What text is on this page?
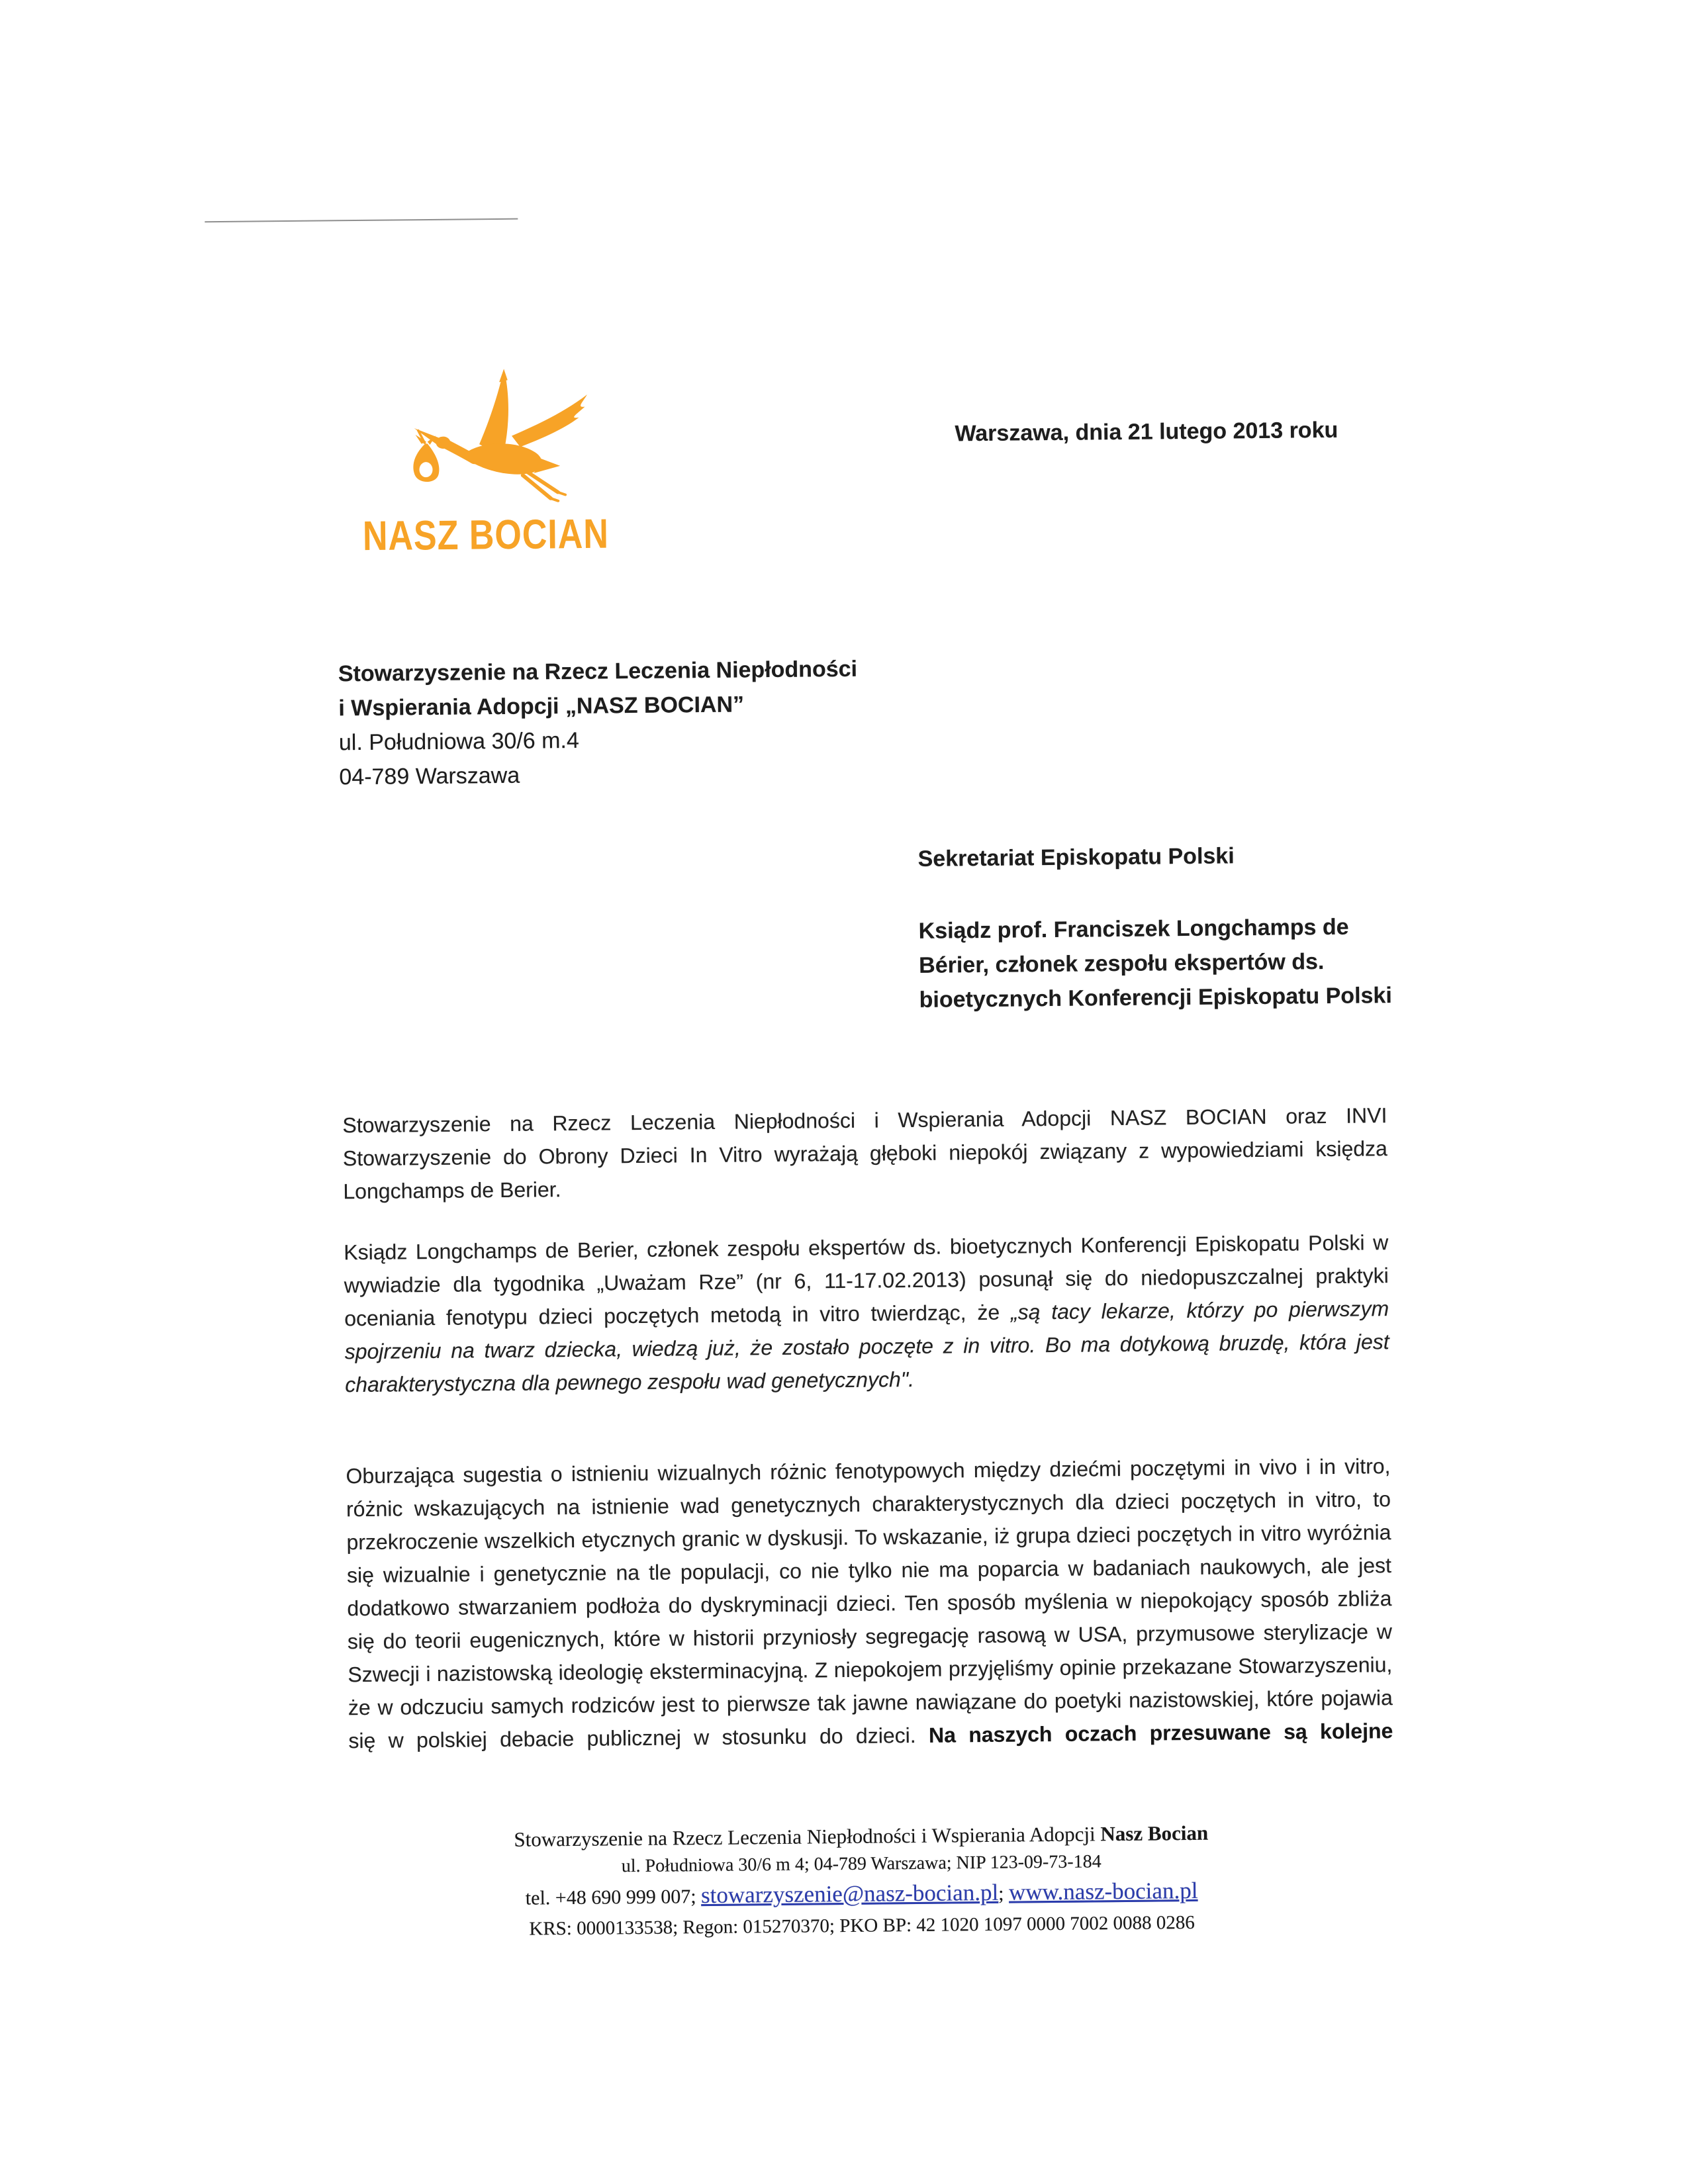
NASZ BOCIAN
Warszawa, dnia 21 lutego 2013 roku
Stowarzyszenie na Rzecz Leczenia Niepłodności
i Wspierania Adopcji „NASZ BOCIAN”
ul. Południowa 30/6 m.4
04-789 Warszawa
Sekretariat Episkopatu Polski
Ksiądz prof. Franciszek Longchamps de
Bérier, członek zespołu ekspertów ds.
bioetycznych Konferencji Episkopatu Polski
Stowarzyszenie na Rzecz Leczenia Niepłodności i Wspierania Adopcji NASZ BOCIAN oraz INVI Stowarzyszenie do Obrony Dzieci In Vitro wyrażają głęboki niepokój związany z wypowiedziami księdza Longchamps de Berier.
Ksiądz Longchamps de Berier, członek zespołu ekspertów ds. bioetycznych Konferencji Episkopatu Polski w wywiadzie dla tygodnika „Uważam Rze” (nr 6, 11-17.02.2013) posunął się do niedopuszczalnej praktyki oceniania fenotypu dzieci poczętych metodą in vitro twierdząc, że „są tacy lekarze, którzy po pierwszym spojrzeniu na twarz dziecka, wiedzą już, że zostało poczęte z in vitro. Bo ma dotykową bruzdę, która jest charakterystyczna dla pewnego zespołu wad genetycznych".
Oburzająca sugestia o istnieniu wizualnych różnic fenotypowych między dziećmi poczętymi in vivo i in vitro, różnic wskazujących na istnienie wad genetycznych charakterystycznych dla dzieci poczętych in vitro, to przekroczenie wszelkich etycznych granic w dyskusji. To wskazanie, iż grupa dzieci poczętych in vitro wyróżnia się wizualnie i genetycznie na tle populacji, co nie tylko nie ma poparcia w badaniach naukowych, ale jest dodatkowo stwarzaniem podłoża do dyskryminacji dzieci. Ten sposób myślenia w niepokojący sposób zbliża się do teorii eugenicznych, które w historii przyniosły segregację rasową w USA, przymusowe sterylizacje w Szwecji i nazistowską ideologię eksterminacyjną. Z niepokojem przyjęliśmy opinie przekazane Stowarzyszeniu, że w odczuciu samych rodziców jest to pierwsze tak jawne nawiązane do poetyki nazistowskiej, które pojawia się w polskiej debacie publicznej w stosunku do dzieci. Na naszych oczach przesuwane są kolejne
Stowarzyszenie na Rzecz Leczenia Niepłodności i Wspierania Adopcji Nasz Bocian
ul. Południowa 30/6 m 4; 04-789 Warszawa; NIP 123-09-73-184
tel. +48 690 999 007; stowarzyszenie@nasz-bocian.pl; www.nasz-bocian.pl
KRS: 0000133538; Regon: 015270370; PKO BP: 42 1020 1097 0000 7002 0088 0286
